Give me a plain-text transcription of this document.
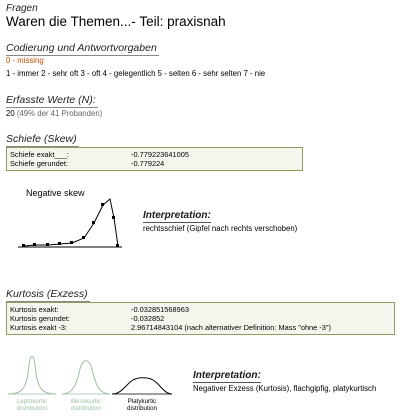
Fragen
Waren die Themen...- Teil: praxisnah
Codierung und Antwortvorgaben
0 - missing
1 - immer 2 - sehr oft 3 - oft 4 - gelegentlich 5 - selten 6 - sehr selten 7 - nie
Erfasste Werte (N):
20 (49% der 41 Probanden)
Schiefe (Skew)
Schiefe exakt___:	-0.779223641005
Schiefe gerundet:	-0.779224
Negative skew
Interpretation:
rechtsschief (Gipfel nach rechts verschoben)
Kurtosis (Exzess)
Kurtosis exakt:	-0.032851568963
Kurtosis gerundet:	-0.032852
Kurtosis exakt -3:	2.96714843104 (nach alternativer Definition: Mass "ohne -3")
Leptokurtic
distribution
Mesokurtic
distribution
Platykurtic
distribution
Interpretation:
Negativer Exzess (Kurtosis), flachgipfig, platykurtisch
